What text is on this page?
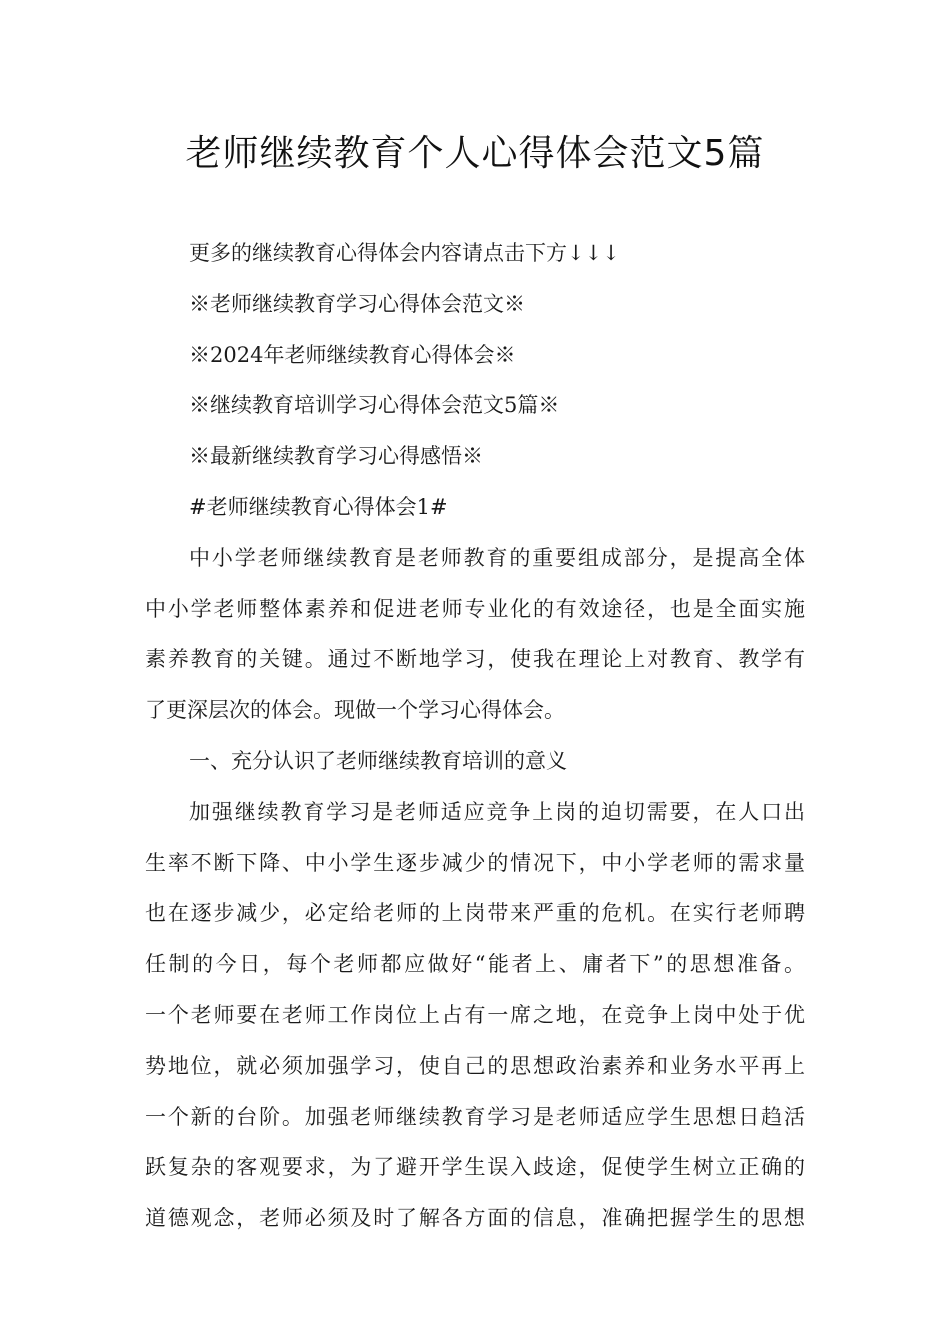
老师继续教育个人心得体会范文5篇
更多的继续教育心得体会内容请点击下方↓↓↓
※老师继续教育学习心得体会范文※
※2024年老师继续教育心得体会※
※继续教育培训学习心得体会范文5篇※
※最新继续教育学习心得感悟※
#老师继续教育心得体会1#
中小学老师继续教育是老师教育的重要组成部分，是提高全体
中小学老师整体素养和促进老师专业化的有效途径，也是全面实施
素养教育的关键。通过不断地学习，使我在理论上对教育、教学有
了更深层次的体会。现做一个学习心得体会。
一、充分认识了老师继续教育培训的意义
加强继续教育学习是老师适应竞争上岗的迫切需要，在人口出
生率不断下降、中小学生逐步减少的情况下，中小学老师的需求量
也在逐步减少，必定给老师的上岗带来严重的危机。在实行老师聘
任制的今日，每个老师都应做好“能者上、庸者下”的思想准备。
一个老师要在老师工作岗位上占有一席之地，在竞争上岗中处于优
势地位，就必须加强学习，使自己的思想政治素养和业务水平再上
一个新的台阶。加强老师继续教育学习是老师适应学生思想日趋活
跃复杂的客观要求，为了避开学生误入歧途，促使学生树立正确的
道德观念，老师必须及时了解各方面的信息，准确把握学生的思想
